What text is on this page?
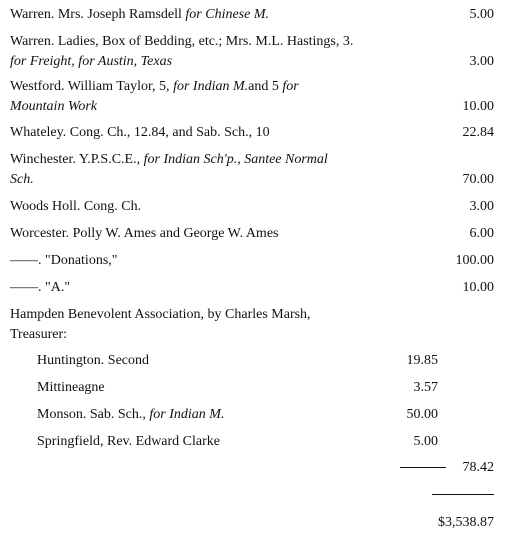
Warren. Mrs. Joseph Ramsdell for Chinese M.	5.00
Warren. Ladies, Box of Bedding, etc.; Mrs. M.L. Hastings, 3.
for Freight, for Austin, Texas	3.00
Westford. William Taylor, 5, for Indian M.and 5 for
Mountain Work	10.00
Whateley. Cong. Ch., 12.84, and Sab. Sch., 10	22.84
Winchester. Y.P.S.C.E., for Indian Sch'p., Santee Normal
Sch.	70.00
Woods Holl. Cong. Ch.	3.00
Worcester. Polly W. Ames and George W. Ames	6.00
——. "Donations,"	100.00
——. "A."	10.00
Hampden Benevolent Association, by Charles Marsh,
Treasurer:
Huntington. Second	19.85
Mittineagne	3.57
Monson. Sab. Sch., for Indian M.	50.00
Springfield, Rev. Edward Clarke	5.00
78.42
$3,538.87
